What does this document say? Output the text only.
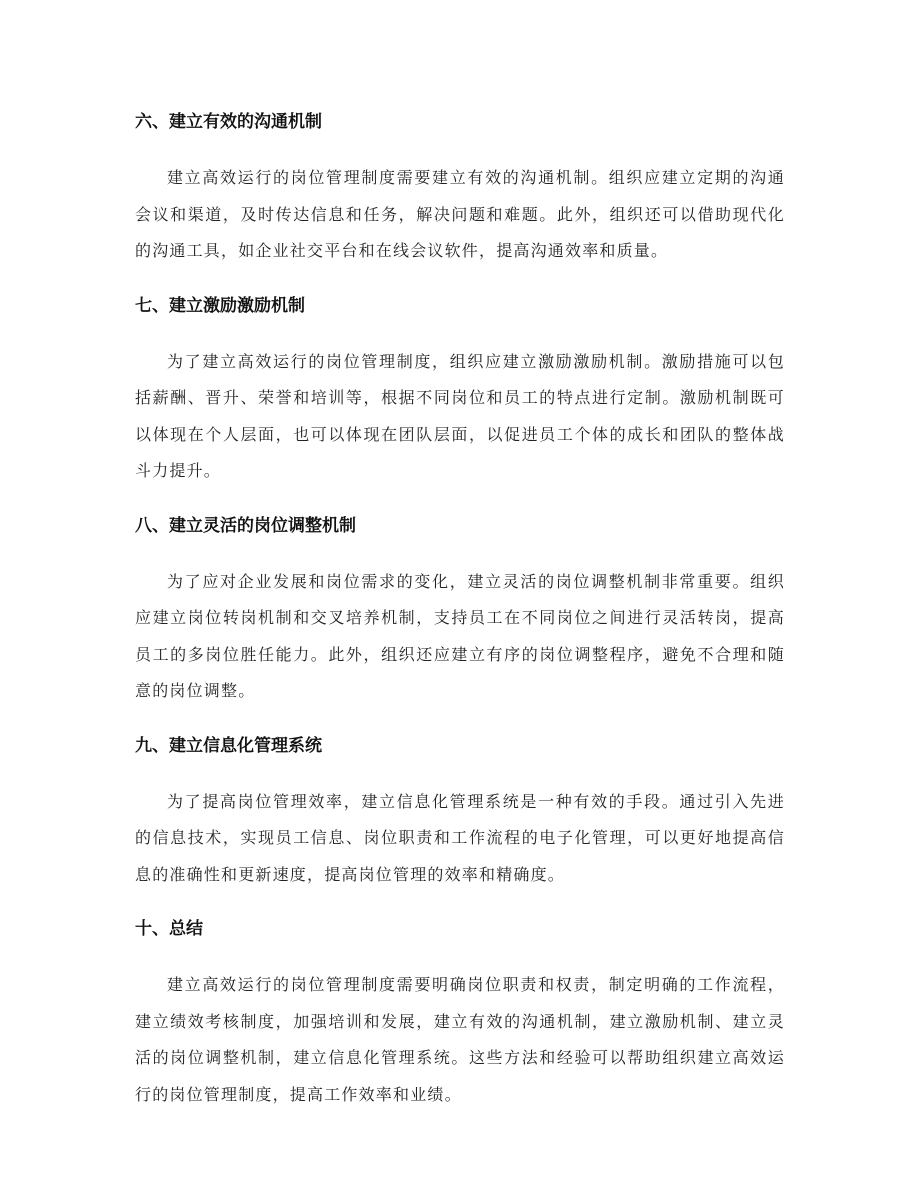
六、建立有效的沟通机制

建立高效运行的岗位管理制度需要建立有效的沟通机制。组织应建立定期的沟通会议和渠道，及时传达信息和任务，解决问题和难题。此外，组织还可以借助现代化的沟通工具，如企业社交平台和在线会议软件，提高沟通效率和质量。

七、建立激励激励机制

为了建立高效运行的岗位管理制度，组织应建立激励激励机制。激励措施可以包括薪酬、晋升、荣誉和培训等，根据不同岗位和员工的特点进行定制。激励机制既可以体现在个人层面，也可以体现在团队层面，以促进员工个体的成长和团队的整体战斗力提升。

八、建立灵活的岗位调整机制

为了应对企业发展和岗位需求的变化，建立灵活的岗位调整机制非常重要。组织应建立岗位转岗机制和交叉培养机制，支持员工在不同岗位之间进行灵活转岗，提高员工的多岗位胜任能力。此外，组织还应建立有序的岗位调整程序，避免不合理和随意的岗位调整。

九、建立信息化管理系统

为了提高岗位管理效率，建立信息化管理系统是一种有效的手段。通过引入先进的信息技术，实现员工信息、岗位职责和工作流程的电子化管理，可以更好地提高信息的准确性和更新速度，提高岗位管理的效率和精确度。

十、总结

建立高效运行的岗位管理制度需要明确岗位职责和权责，制定明确的工作流程，建立绩效考核制度，加强培训和发展，建立有效的沟通机制，建立激励机制、建立灵活的岗位调整机制，建立信息化管理系统。这些方法和经验可以帮助组织建立高效运行的岗位管理制度，提高工作效率和业绩。
